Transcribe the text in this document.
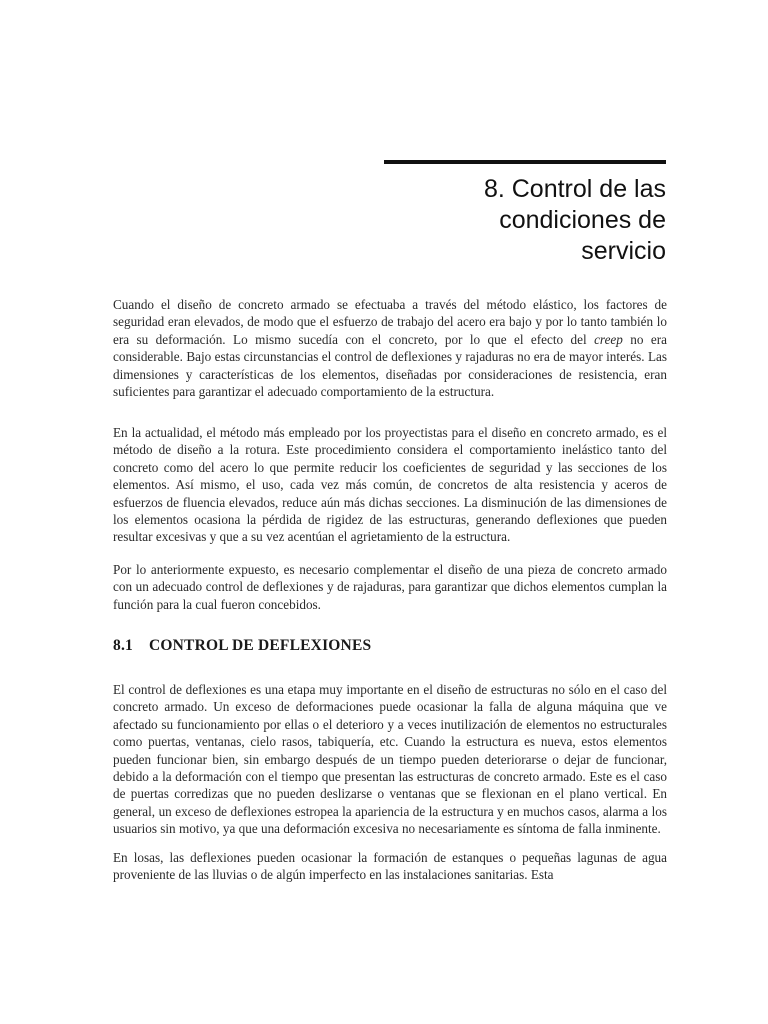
8. Control de las
condiciones de
servicio

Cuando el diseño de concreto armado se efectuaba a través del método elástico, los factores de seguridad eran elevados, de modo que el esfuerzo de trabajo del acero era bajo y por lo tanto también lo era su deformación. Lo mismo sucedía con el concreto, por lo que el efecto del creep no era considerable. Bajo estas circunstancias el control de deflexiones y rajaduras no era de mayor interés. Las dimensiones y características de los elementos, diseñadas por consideraciones de resistencia, eran suficientes para garantizar el adecuado comportamiento de la estructura.

En la actualidad, el método más empleado por los proyectistas para el diseño en concreto armado, es el método de diseño a la rotura. Este procedimiento considera el comportamiento inelástico tanto del concreto como del acero lo que permite reducir los coeficientes de seguridad y las secciones de los elementos. Así mismo, el uso, cada vez más común, de concretos de alta resistencia y aceros de esfuerzos de fluencia elevados, reduce aún más dichas secciones. La disminución de las dimensiones de los elementos ocasiona la pérdida de rigidez de las estructuras, generando deflexiones que pueden resultar excesivas y que a su vez acentúan el agrietamiento de la estructura.

Por lo anteriormente expuesto, es necesario complementar el diseño de una pieza de concreto armado con un adecuado control de deflexiones y de rajaduras, para garantizar que dichos elementos cumplan la función para la cual fueron concebidos.

8.1 CONTROL DE DEFLEXIONES

El control de deflexiones es una etapa muy importante en el diseño de estructuras no sólo en el caso del concreto armado. Un exceso de deformaciones puede ocasionar la falla de alguna máquina que ve afectado su funcionamiento por ellas o el deterioro y a veces inutilización de elementos no estructurales como puertas, ventanas, cielo rasos, tabiquería, etc. Cuando la estructura es nueva, estos elementos pueden funcionar bien, sin embargo después de un tiempo pueden deteriorarse o dejar de funcionar, debido a la deformación con el tiempo que presentan las estructuras de concreto armado. Este es el caso de puertas corredizas que no pueden deslizarse o ventanas que se flexionan en el plano vertical. En general, un exceso de deflexiones estropea la apariencia de la estructura y en muchos casos, alarma a los usuarios sin motivo, ya que una deformación excesiva no necesariamente es síntoma de falla inminente.

En losas, las deflexiones pueden ocasionar la formación de estanques o pequeñas lagunas de agua proveniente de las lluvias o de algún imperfecto en las instalaciones sanitarias. Esta
